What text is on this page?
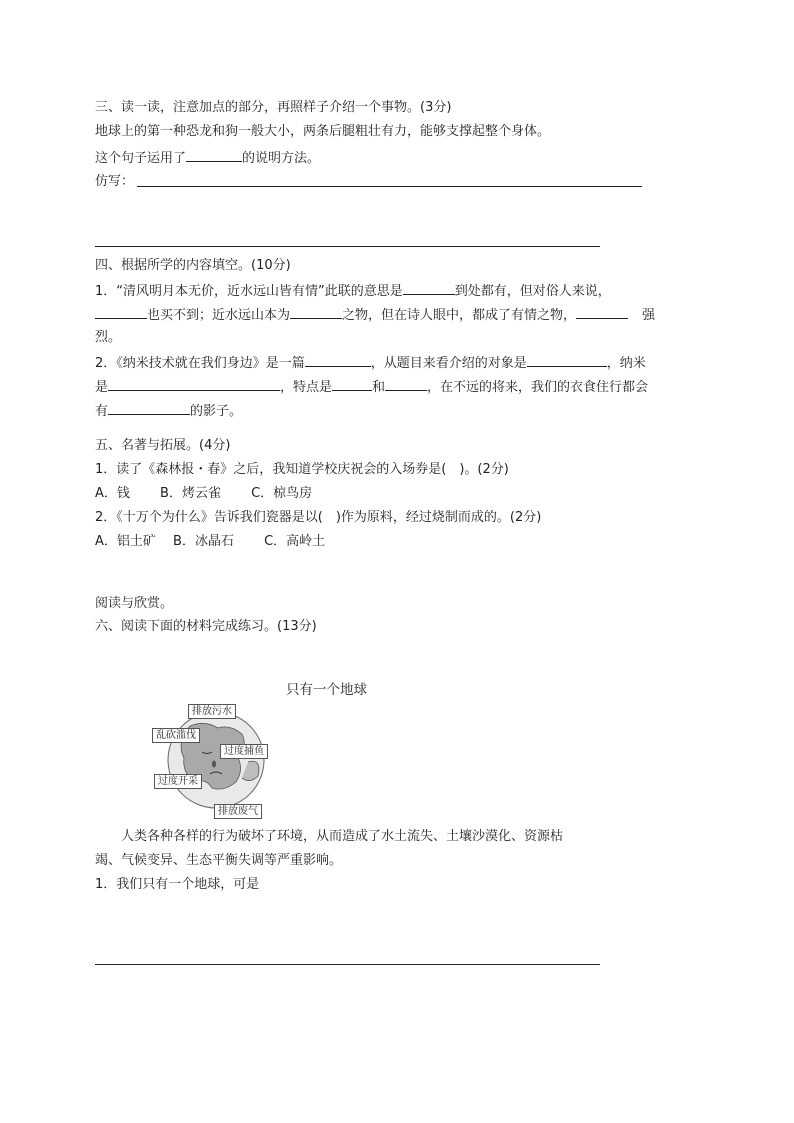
三、读一读，注意加点的部分，再照样子介绍一个事物。(3分)
地球上的第一种恐龙和狗一般大小，两条后腿粗壮有力，能够支撑起整个身体。
这个句子运用了	的说明方法。
仿写：
四、根据所学的内容填空。(10分)
1．“清风明月本无价，近水远山皆有情”此联的意思是	到处都有，但对俗人来说，
也买不到；近水远山本为	之物，但在诗人眼中，都成了有情之物，	强
烈。
2．《纳米技术就在我们身边》是一篇	，从题目来看介绍的对象是	，纳米
是	，特点是	和	，在不远的将来，我们的衣食住行都会
有	的影子。
五、名著与拓展。(4分)
1．读了《森林报・春》之后，我知道学校庆祝会的入场券是(　)。(2分)
A．钱　　 B．烤云雀　　 C．椋鸟房
2．《十万个为什么》告诉我们瓷器是以(　)作为原料，经过烧制而成的。(2分)
A．铝土矿　 B．冰晶石　　 C．高岭土
阅读与欣赏。
六、阅读下面的材料完成练习。(13分)
只有一个地球
排放污水
乱砍滥伐
过度捕鱼
过度开采
排放废气
人类各种各样的行为破坏了环境，从而造成了水土流失、土壤沙漠化、资源枯
竭、气候变异、生态平衡失调等严重影响。
1．我们只有一个地球，可是
